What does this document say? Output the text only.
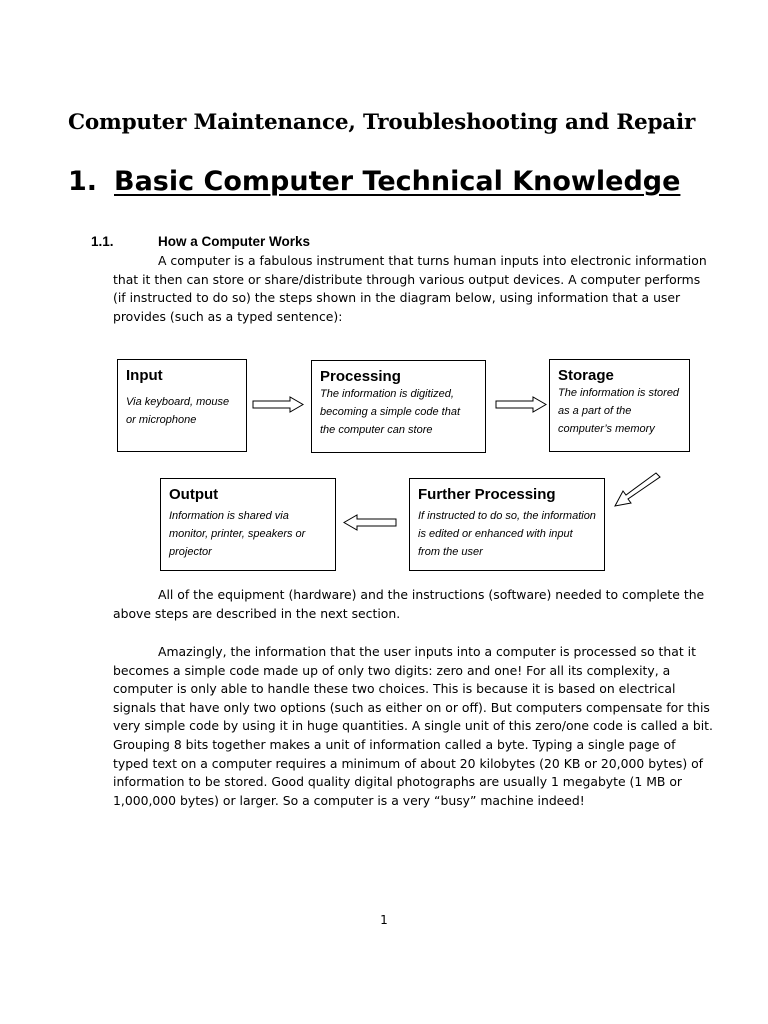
Computer Maintenance, Troubleshooting and Repair
1. Basic Computer Technical Knowledge
1.1.	How a Computer Works
A computer is a fabulous instrument that turns human inputs into electronic information that it then can store or share/distribute through various output devices. A computer performs (if instructed to do so) the steps shown in the diagram below, using information that a user provides (such as a typed sentence):
Input
Via keyboard, mouse or microphone
Processing
The information is digitized, becoming a simple code that the computer can store
Storage
The information is stored as a part of the computer’s memory
Output
Information is shared via monitor, printer, speakers or projector
Further Processing
If instructed to do so, the information is edited or enhanced with input from the user
All of the equipment (hardware) and the instructions (software) needed to complete the above steps are described in the next section.
Amazingly, the information that the user inputs into a computer is processed so that it becomes a simple code made up of only two digits: zero and one! For all its complexity, a computer is only able to handle these two choices. This is because it is based on electrical signals that have only two options (such as either on or off). But computers compensate for this very simple code by using it in huge quantities. A single unit of this zero/one code is called a bit. Grouping 8 bits together makes a unit of information called a byte. Typing a single page of typed text on a computer requires a minimum of about 20 kilobytes (20 KB or 20,000 bytes) of information to be stored. Good quality digital photographs are usually 1 megabyte (1 MB or 1,000,000 bytes) or larger. So a computer is a very “busy” machine indeed!
1
